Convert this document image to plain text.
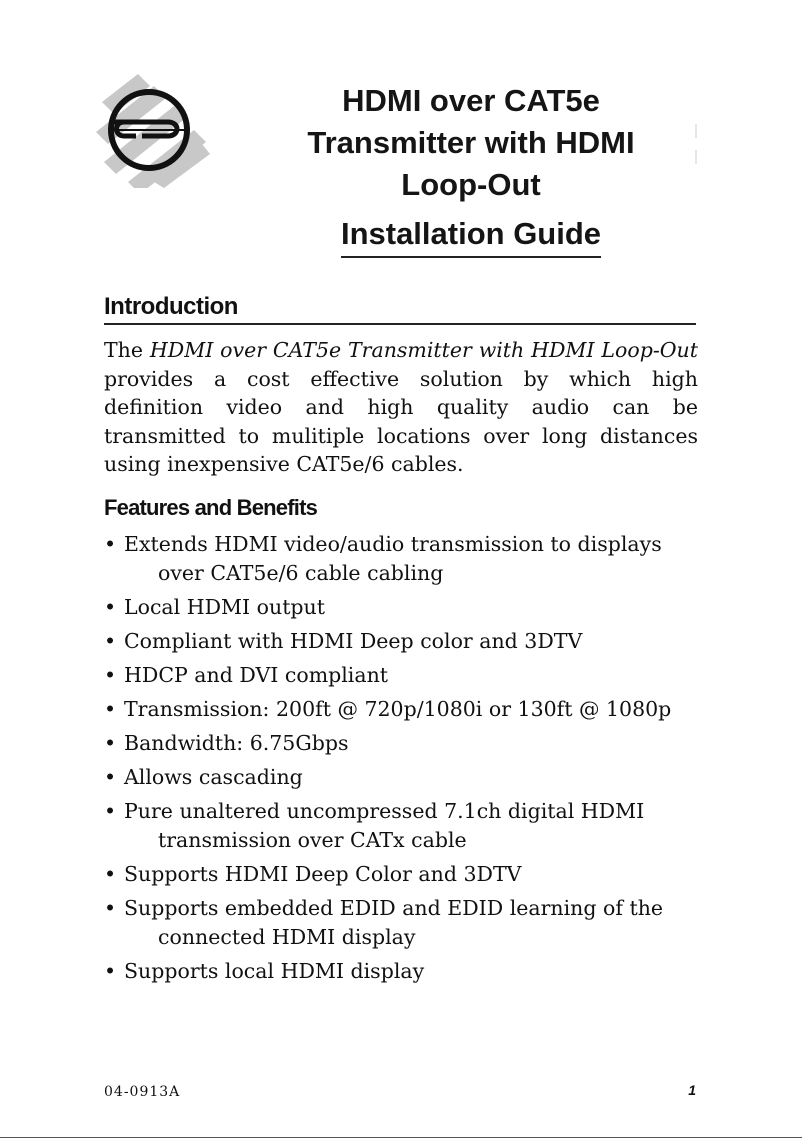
HDMI over CAT5e
Transmitter with HDMI
Loop-Out
Installation Guide
Introduction

The HDMI over CAT5e Transmitter with HDMI Loop-Out provides a cost effective solution by which high definition video and high quality audio can be transmitted to mulitiple locations over long distances using inexpensive CAT5e/6 cables.

Features and Benefits
• Extends HDMI video/audio transmission to displays over CAT5e/6 cable cabling
• Local HDMI output
• Compliant with HDMI Deep color and 3DTV
• HDCP and DVI compliant
• Transmission: 200ft @ 720p/1080i or 130ft @ 1080p
• Bandwidth: 6.75Gbps
• Allows cascading
• Pure unaltered uncompressed 7.1ch digital HDMI transmission over CATx cable
• Supports HDMI Deep Color and 3DTV
• Supports embedded EDID and EDID learning of the connected HDMI display
• Supports local HDMI display
04-0913A	1
